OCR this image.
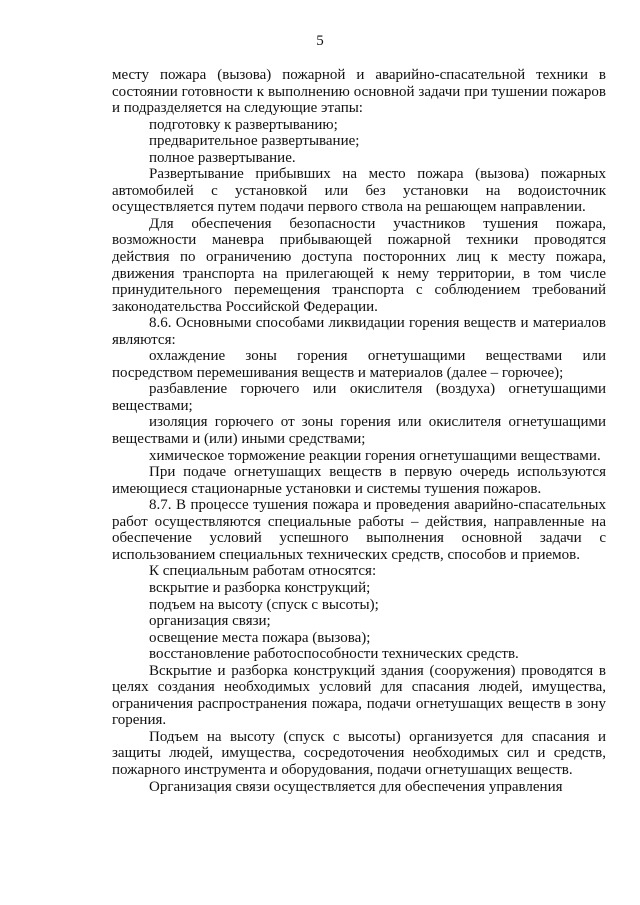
5

месту пожара (вызова) пожарной и аварийно-спасательной техники в состоянии готовности к выполнению основной задачи при тушении пожаров и подразделяется на следующие этапы:

подготовку к развертыванию;

предварительное развертывание;

полное развертывание.

Развертывание прибывших на место пожара (вызова) пожарных автомобилей с установкой или без установки на водоисточник осуществляется путем подачи первого ствола на решающем направлении.

Для обеспечения безопасности участников тушения пожара, возможности маневра прибывающей пожарной техники проводятся действия по ограничению доступа посторонних лиц к месту пожара, движения транспорта на прилегающей к нему территории, в том числе принудительного перемещения транспорта с соблюдением требований законодательства Российской Федерации.

8.6. Основными способами ликвидации горения веществ и материалов являются:

охлаждение зоны горения огнетушащими веществами или посредством перемешивания веществ и материалов (далее – горючее);

разбавление горючего или окислителя (воздуха) огнетушащими веществами;

изоляция горючего от зоны горения или окислителя огнетушащими веществами и (или) иными средствами;

химическое торможение реакции горения огнетушащими веществами.

При подаче огнетушащих веществ в первую очередь используются имеющиеся стационарные установки и системы тушения пожаров.

8.7. В процессе тушения пожара и проведения аварийно-спасательных работ осуществляются специальные работы – действия, направленные на обеспечение условий успешного выполнения основной задачи с использованием специальных технических средств, способов и приемов.

К специальным работам относятся:

вскрытие и разборка конструкций;

подъем на высоту (спуск с высоты);

организация связи;

освещение места пожара (вызова);

восстановление работоспособности технических средств.

Вскрытие и разборка конструкций здания (сооружения) проводятся в целях создания необходимых условий для спасания людей, имущества, ограничения распространения пожара, подачи огнетушащих веществ в зону горения.

Подъем на высоту (спуск с высоты) организуется для спасания и защиты людей, имущества, сосредоточения необходимых сил и средств, пожарного инструмента и оборудования, подачи огнетушащих веществ.

Организация связи осуществляется для обеспечения управления
